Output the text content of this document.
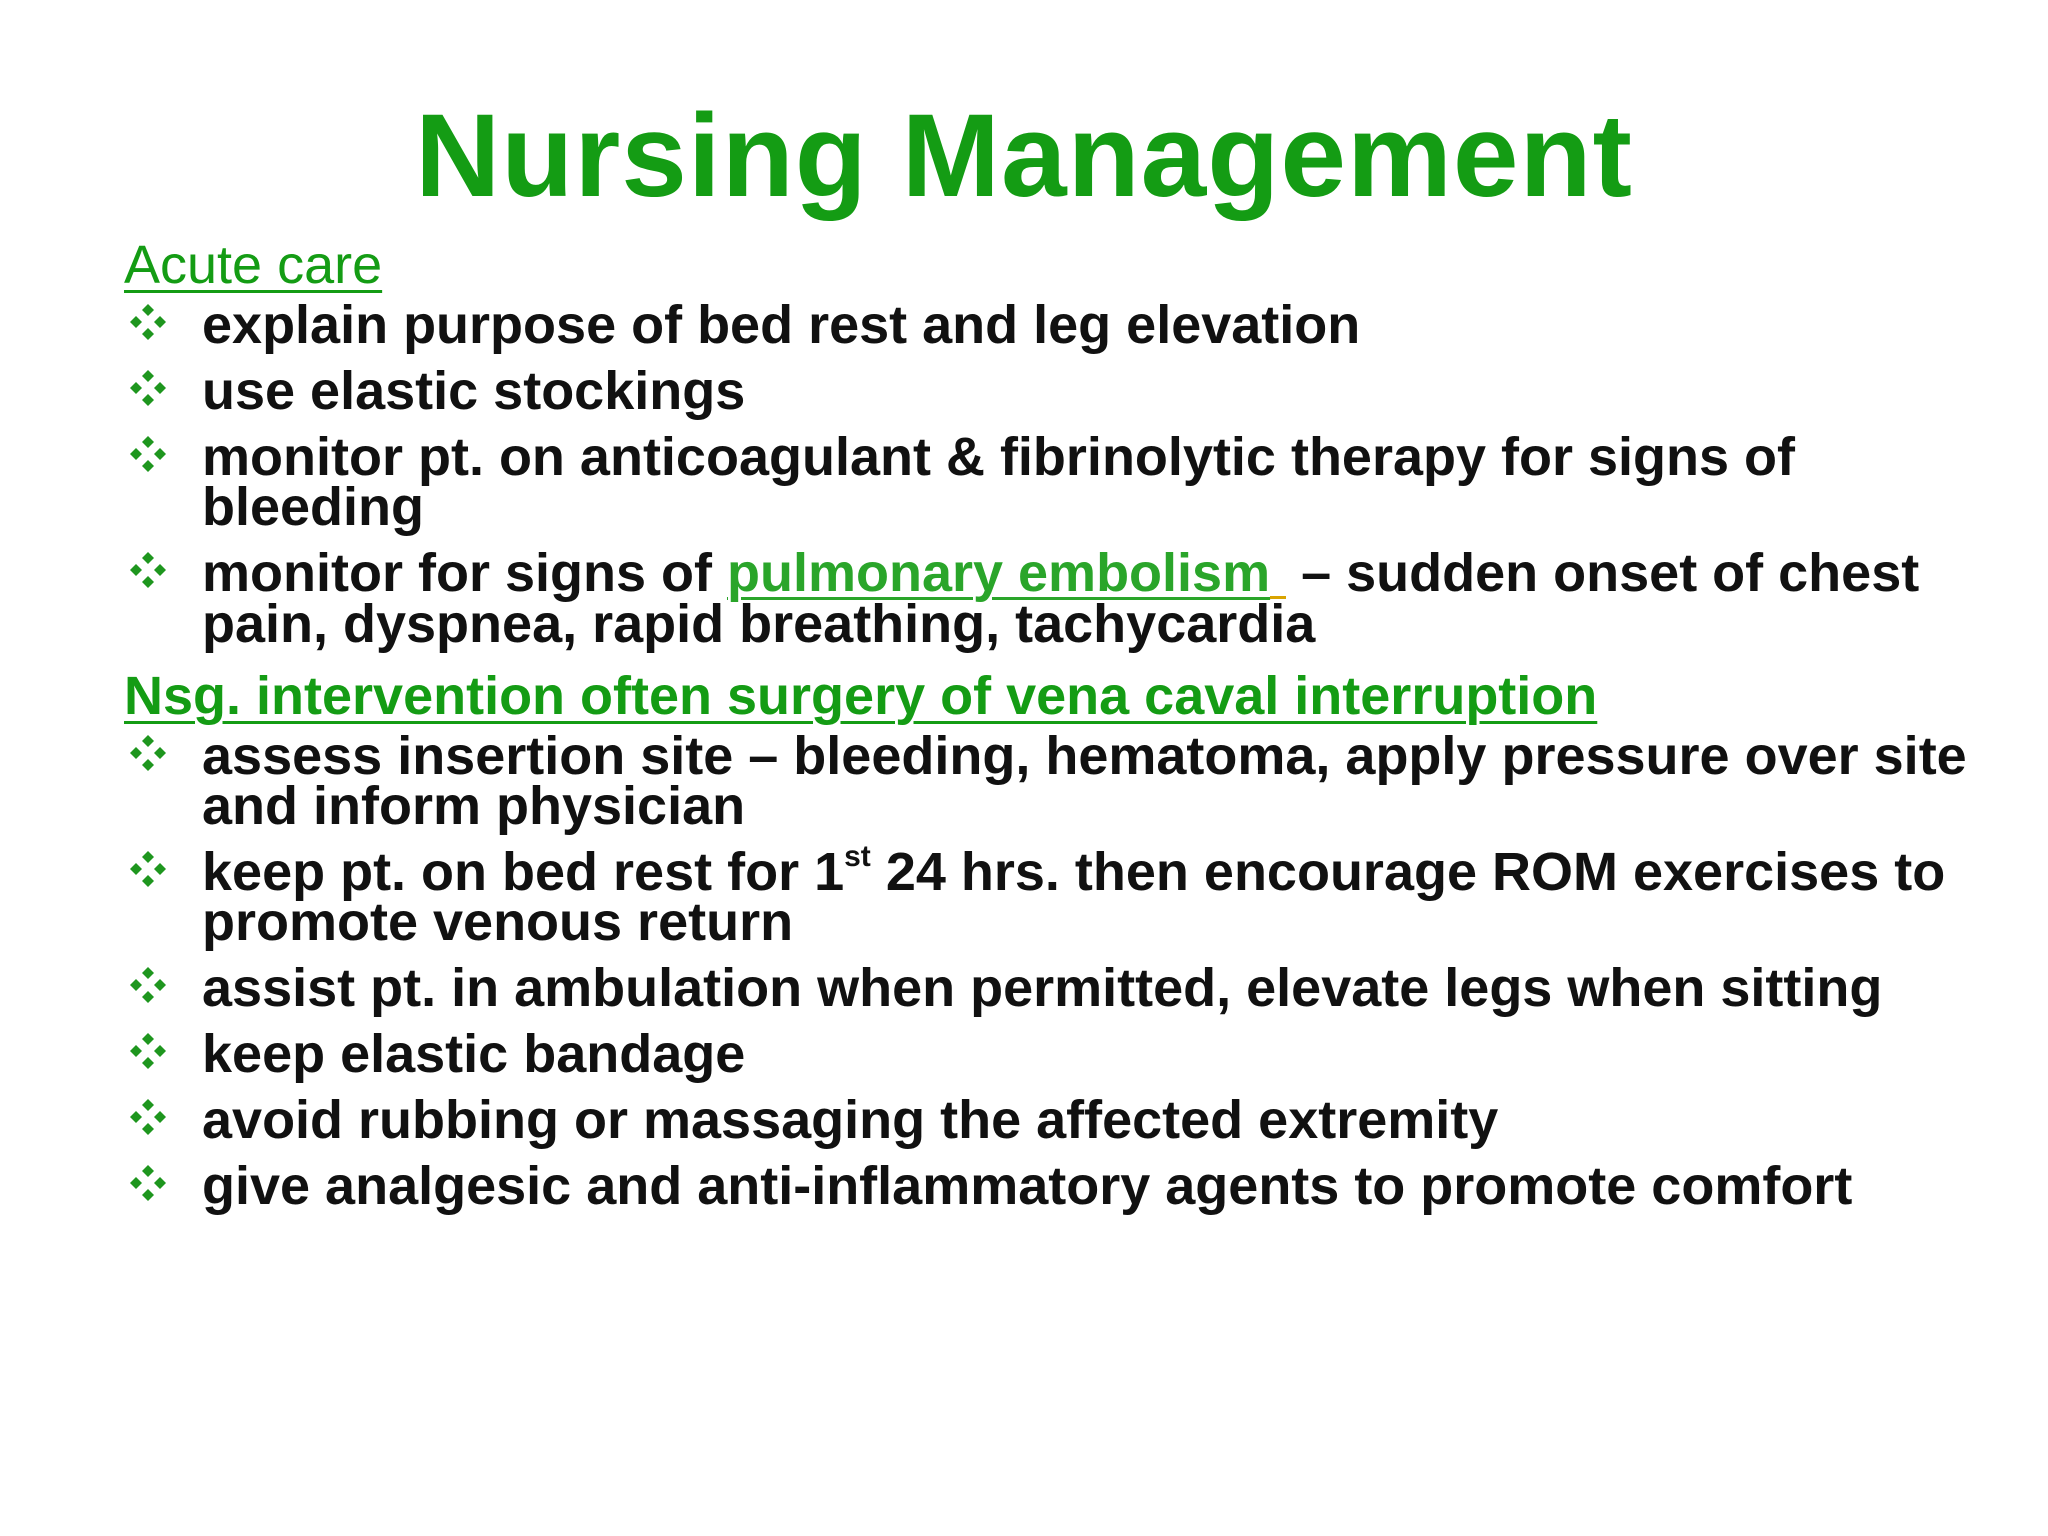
Nursing Management
Acute care
explain purpose of bed rest and leg elevation
use elastic stockings
monitor pt. on anticoagulant & fibrinolytic therapy for signs of bleeding
monitor for signs of pulmonary embolism – sudden onset of chest pain, dyspnea, rapid breathing, tachycardia
Nsg. intervention often surgery of vena caval interruption
assess insertion site – bleeding, hematoma, apply pressure over site and inform physician
keep pt. on bed rest for 1st 24 hrs. then encourage ROM exercises to promote venous return
assist pt. in ambulation when permitted, elevate legs when sitting
keep elastic bandage
avoid rubbing or massaging the affected extremity
give analgesic and anti-inflammatory agents to promote comfort
